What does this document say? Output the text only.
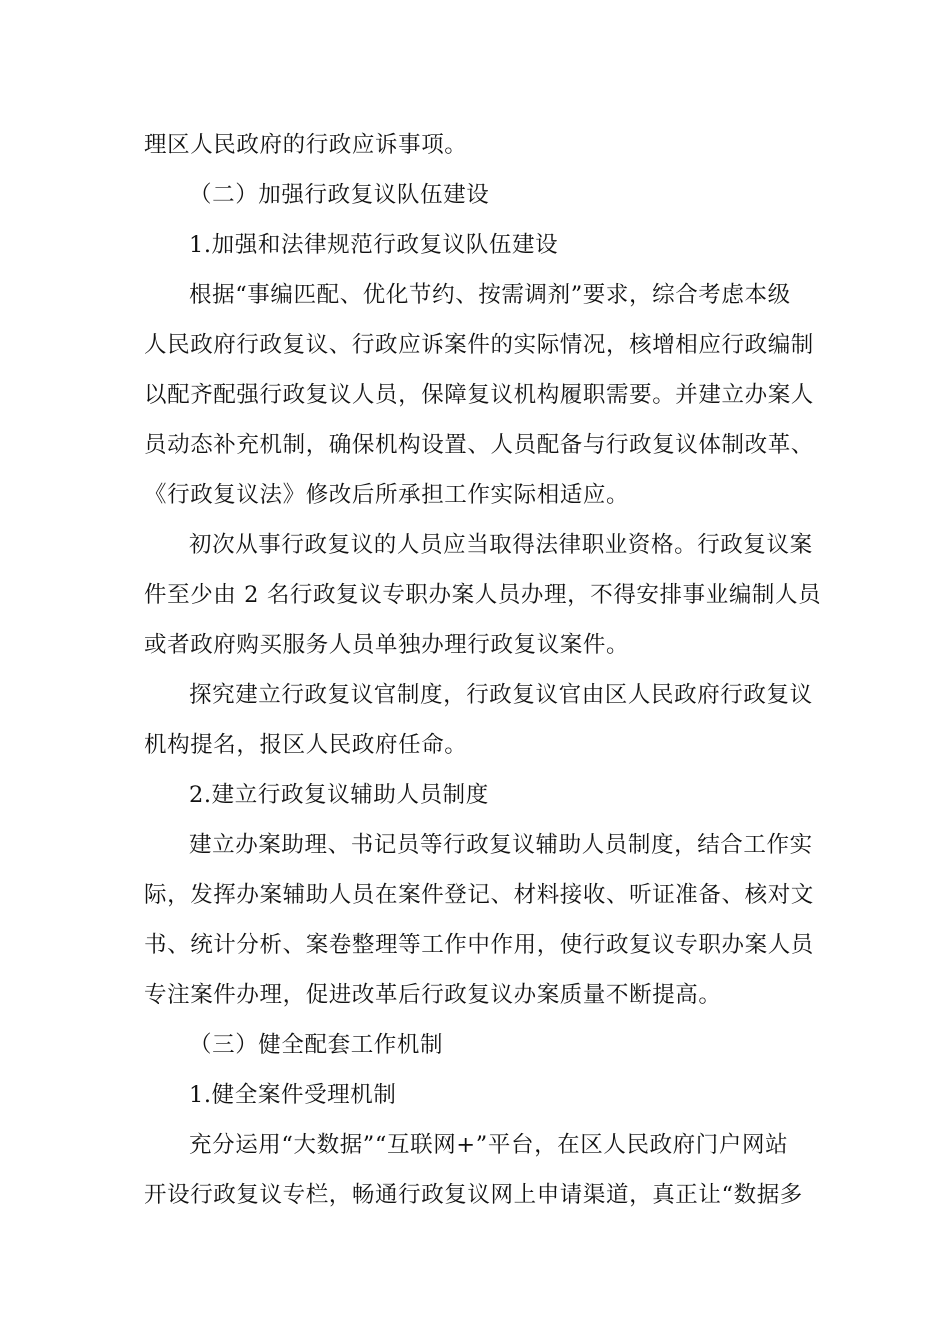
理区人民政府的行政应诉事项。

（二）加强行政复议队伍建设

1.加强和法律规范行政复议队伍建设

根据“事编匹配、优化节约、按需调剂”要求，综合考虑本级
人民政府行政复议、行政应诉案件的实际情况，核增相应行政编制
以配齐配强行政复议人员，保障复议机构履职需要。并建立办案人
员动态补充机制，确保机构设置、人员配备与行政复议体制改革、
《行政复议法》修改后所承担工作实际相适应。

初次从事行政复议的人员应当取得法律职业资格。行政复议案
件至少由 2 名行政复议专职办案人员办理，不得安排事业编制人员
或者政府购买服务人员单独办理行政复议案件。

探究建立行政复议官制度，行政复议官由区人民政府行政复议
机构提名，报区人民政府任命。

2.建立行政复议辅助人员制度

建立办案助理、书记员等行政复议辅助人员制度，结合工作实
际，发挥办案辅助人员在案件登记、材料接收、听证准备、核对文
书、统计分析、案卷整理等工作中作用，使行政复议专职办案人员
专注案件办理，促进改革后行政复议办案质量不断提高。

（三）健全配套工作机制

1.健全案件受理机制

充分运用“大数据”“互联网+”平台，在区人民政府门户网站
开设行政复议专栏，畅通行政复议网上申请渠道，真正让“数据多
